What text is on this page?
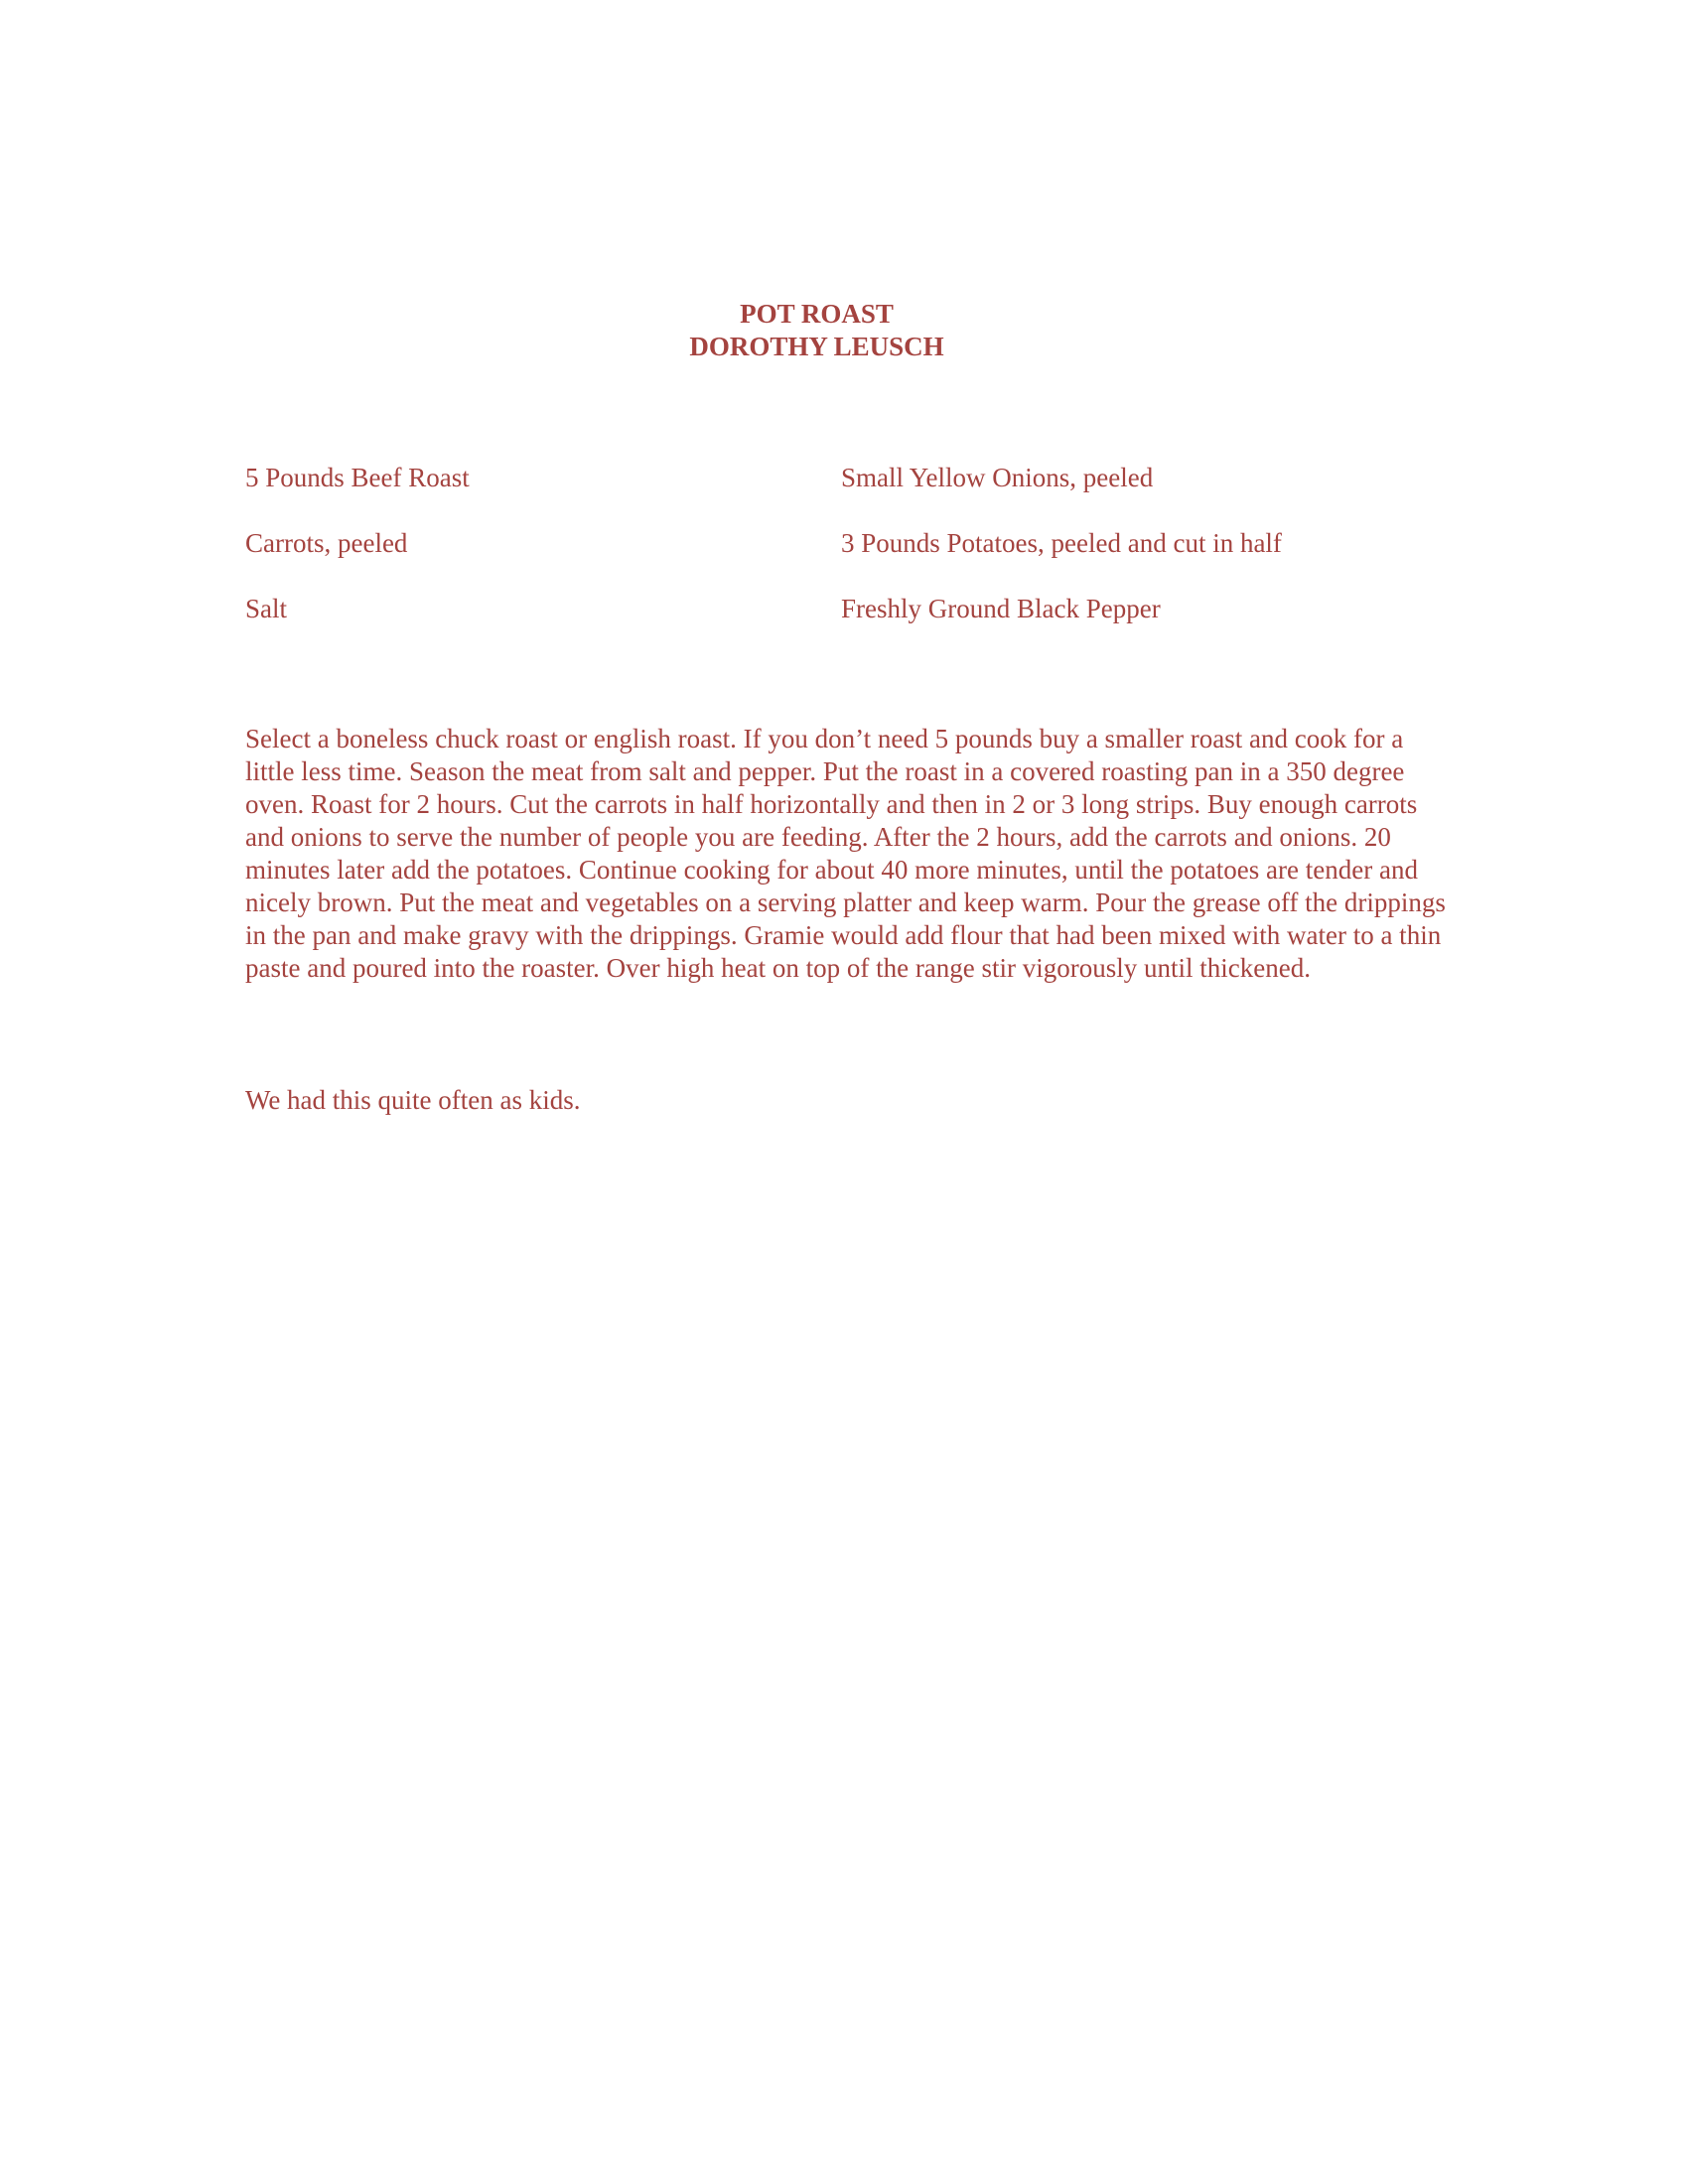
POT ROAST
DOROTHY LEUSCH
5 Pounds Beef Roast	Small Yellow Onions, peeled
Carrots, peeled	3 Pounds Potatoes, peeled and cut in half
Salt	Freshly Ground Black Pepper
Select a boneless chuck roast or english roast. If you don’t need 5 pounds buy a smaller roast and cook for a little less time. Season the meat from salt and pepper. Put the roast in a covered roasting pan in a 350 degree oven. Roast for 2 hours. Cut the carrots in half horizontally and then in 2 or 3 long strips. Buy enough carrots and onions to serve the number of people you are feeding. After the 2 hours, add the carrots and onions. 20 minutes later add the potatoes. Continue cooking for about 40 more minutes, until the potatoes are tender and nicely brown. Put the meat and vegetables on a serving platter and keep warm. Pour the grease off the drippings in the pan and make gravy with the drippings. Gramie would add flour that had been mixed with water to a thin paste and poured into the roaster. Over high heat on top of the range stir vigorously until thickened.
We had this quite often as kids.
